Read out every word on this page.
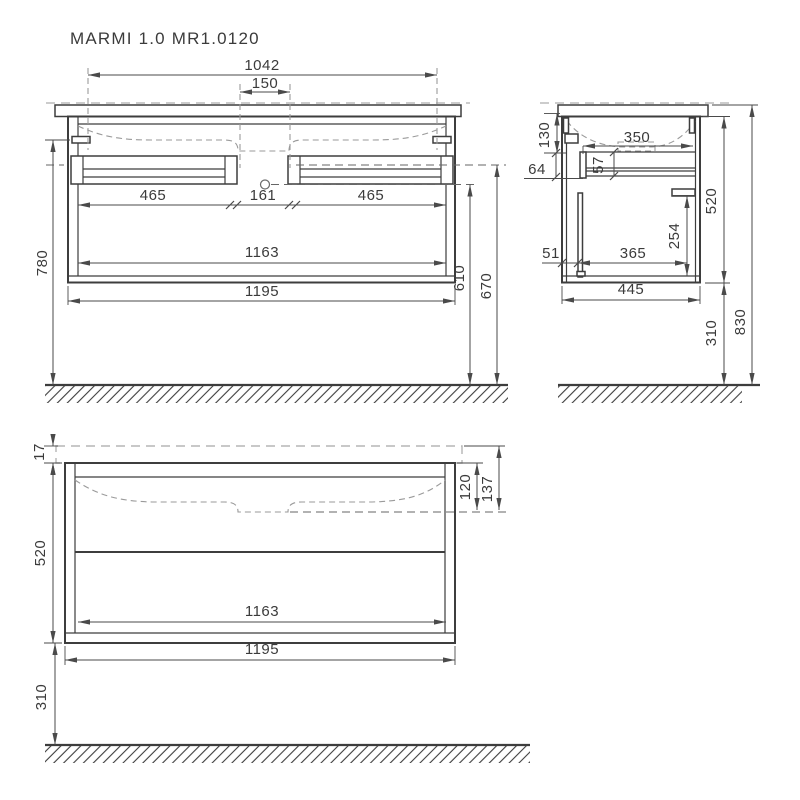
MARMI 1.0 MR1.0120
1042
150
465	161	465
1163
1195
780
610 670
130	350
57
64
51	365
254
445
520
310 830
17
520
310
1163
1195
120 137
